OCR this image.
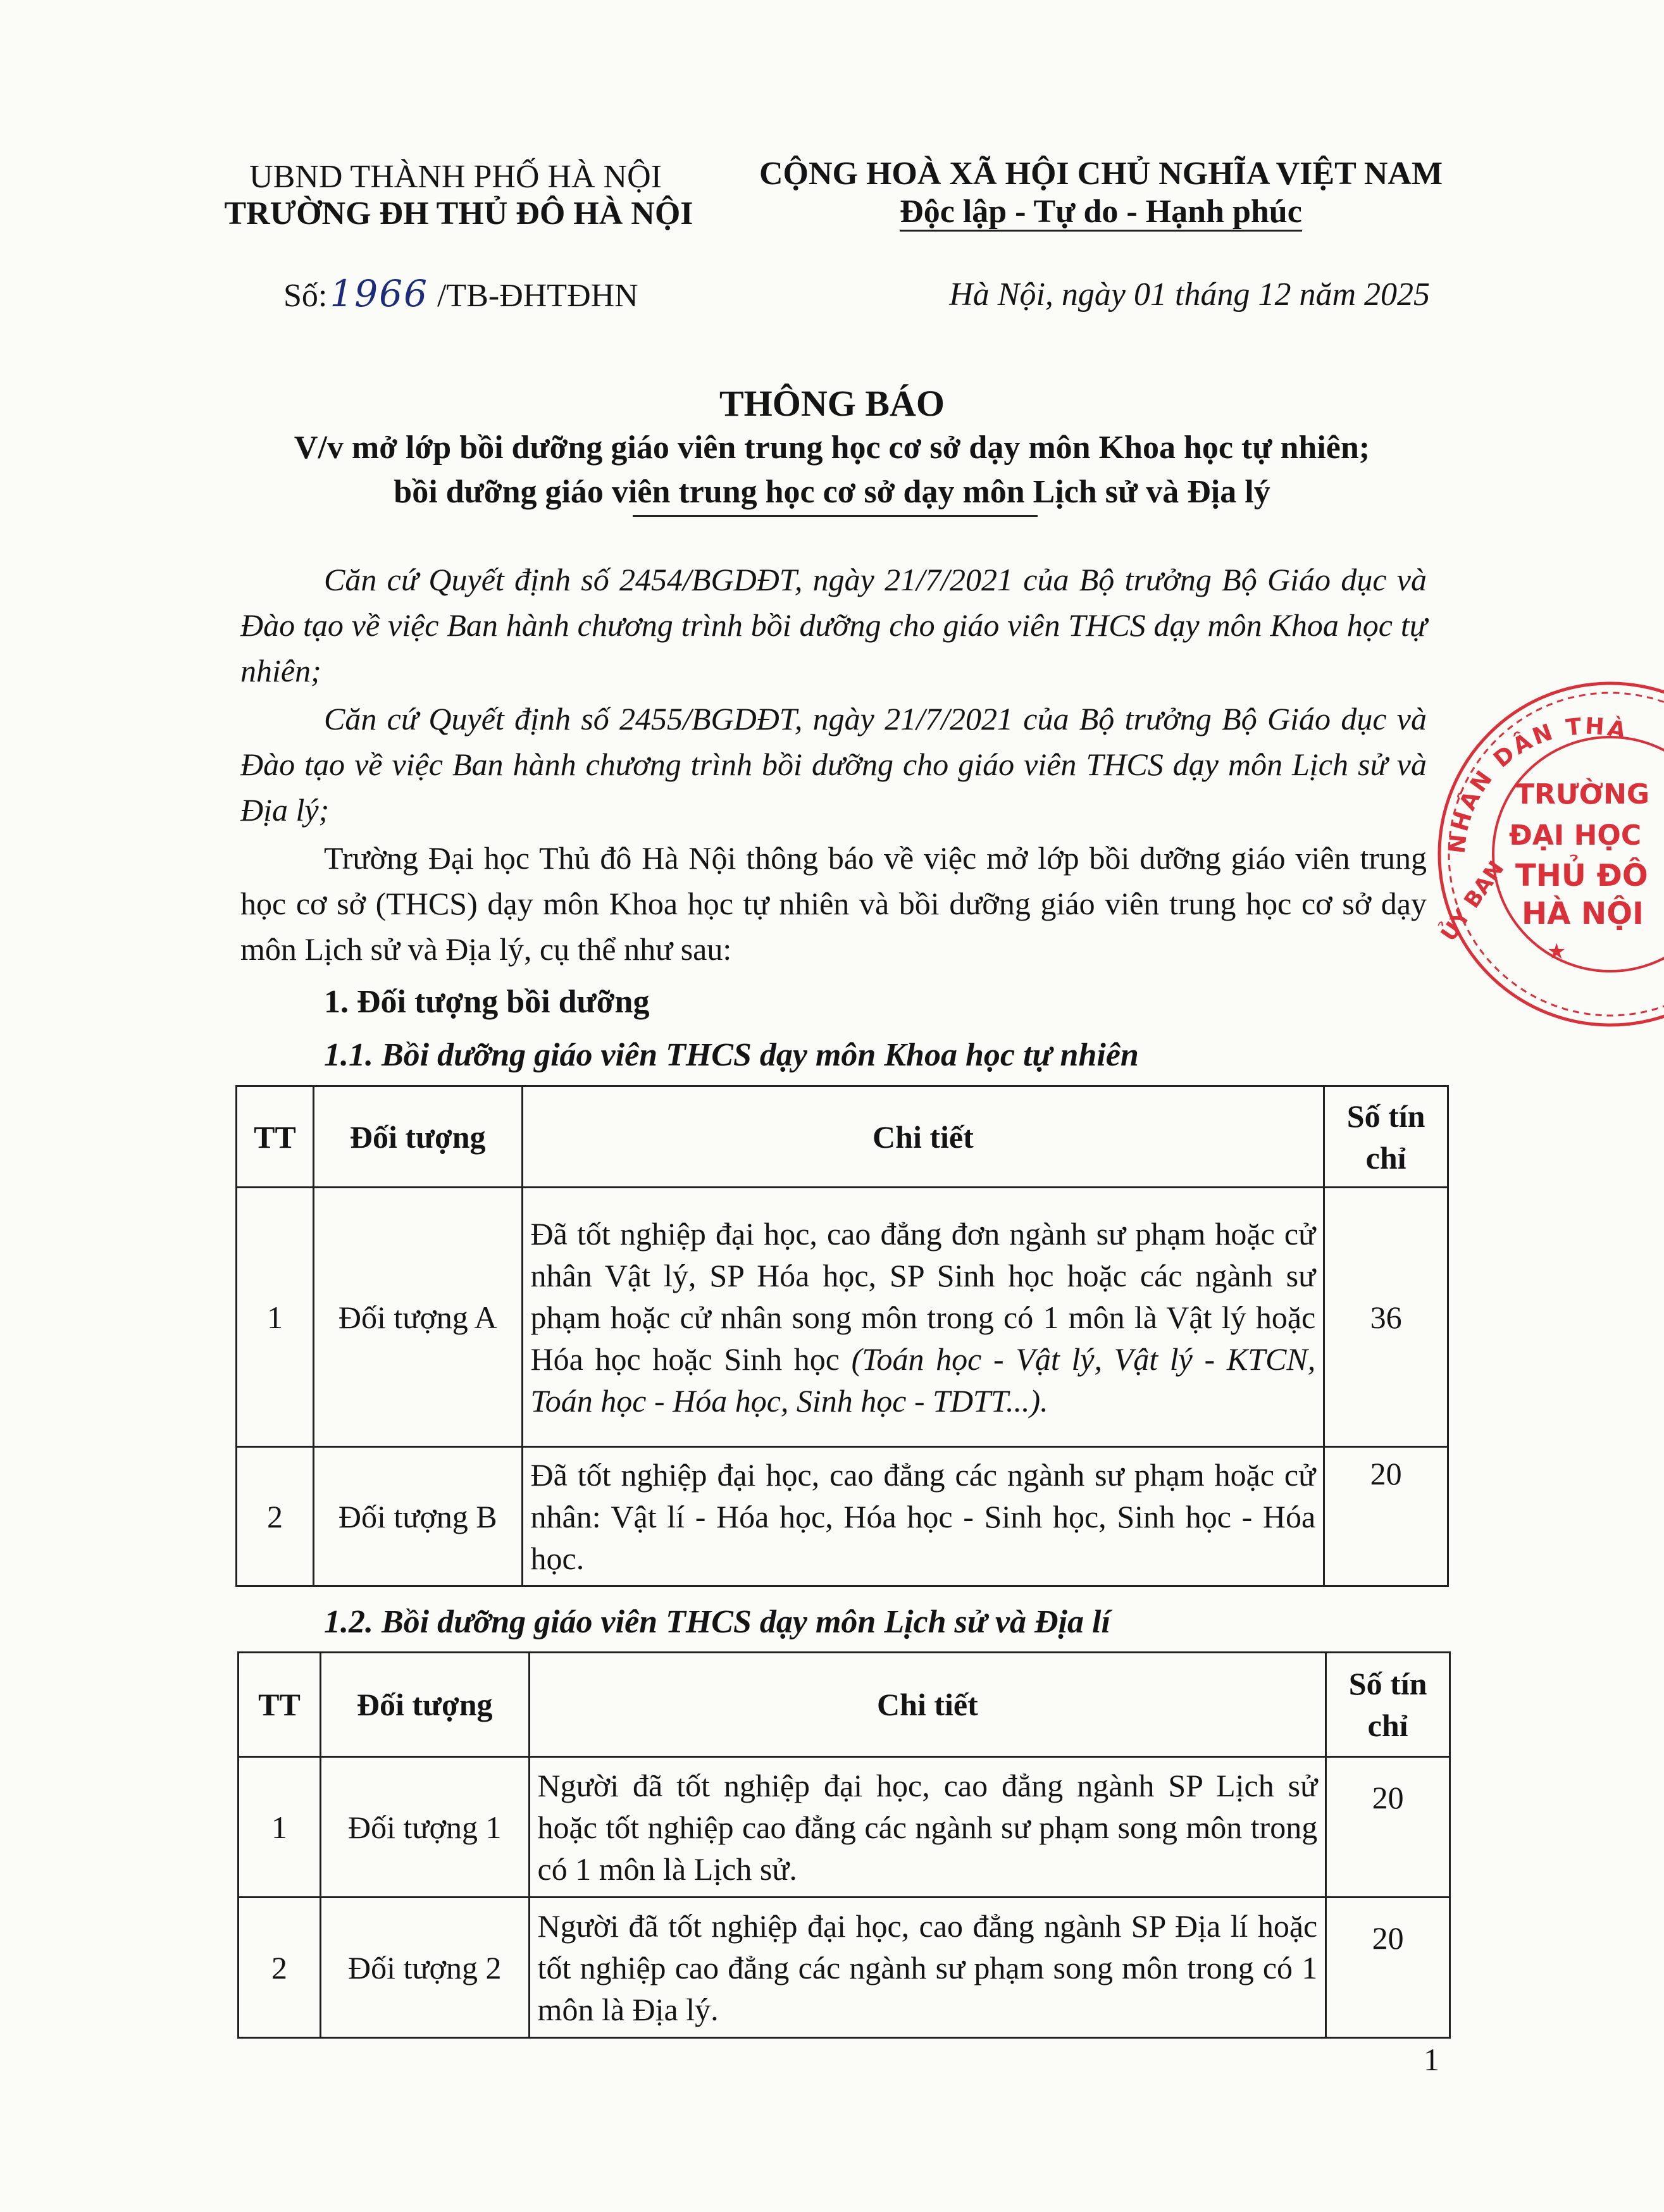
UBND THÀNH PHỐ HÀ NỘI
TRƯỜNG ĐH THỦ ĐÔ HÀ NỘI
CỘNG HOÀ XÃ HỘI CHỦ NGHĨA VIỆT NAM
Độc lập - Tự do - Hạnh phúc
Số:1966 /TB-ĐHTĐHN	Hà Nội, ngày 01 tháng 12 năm 2025
THÔNG BÁO
V/v mở lớp bồi dưỡng giáo viên trung học cơ sở dạy môn Khoa học tự nhiên;
bồi dưỡng giáo viên trung học cơ sở dạy môn Lịch sử và Địa lý
Căn cứ Quyết định số 2454/BGDĐT, ngày 21/7/2021 của Bộ trưởng Bộ Giáo dục và Đào tạo về việc Ban hành chương trình bồi dưỡng cho giáo viên THCS dạy môn Khoa học tự nhiên;
Căn cứ Quyết định số 2455/BGDĐT, ngày 21/7/2021 của Bộ trưởng Bộ Giáo dục và Đào tạo về việc Ban hành chương trình bồi dưỡng cho giáo viên THCS dạy môn Lịch sử và Địa lý;
Trường Đại học Thủ đô Hà Nội thông báo về việc mở lớp bồi dưỡng giáo viên trung học cơ sở (THCS) dạy môn Khoa học tự nhiên và bồi dưỡng giáo viên trung học cơ sở dạy môn Lịch sử và Địa lý, cụ thể như sau:
1. Đối tượng bồi dưỡng
1.1. Bồi dưỡng giáo viên THCS dạy môn Khoa học tự nhiên
TT	Đối tượng	Chi tiết	Số tín chỉ
1	Đối tượng A	Đã tốt nghiệp đại học, cao đẳng đơn ngành sư phạm hoặc cử nhân Vật lý, SP Hóa học, SP Sinh học hoặc các ngành sư phạm hoặc cử nhân song môn trong có 1 môn là Vật lý hoặc Hóa học hoặc Sinh học (Toán học - Vật lý, Vật lý - KTCN, Toán học - Hóa học, Sinh học - TDTT...).	36
2	Đối tượng B	Đã tốt nghiệp đại học, cao đẳng các ngành sư phạm hoặc cử nhân: Vật lí - Hóa học, Hóa học - Sinh học, Sinh học - Hóa học.	20
1.2. Bồi dưỡng giáo viên THCS dạy môn Lịch sử và Địa lí
TT	Đối tượng	Chi tiết	Số tín chỉ
1	Đối tượng 1	Người đã tốt nghiệp đại học, cao đẳng ngành SP Lịch sử hoặc tốt nghiệp cao đẳng các ngành sư phạm song môn trong có 1 môn là Lịch sử.	20
2	Đối tượng 2	Người đã tốt nghiệp đại học, cao đẳng ngành SP Địa lí hoặc tốt nghiệp cao đẳng các ngành sư phạm song môn trong có 1 môn là Địa lý.	20
1
NHÂN DÂN THÀNH PHỐ
TRƯỜNG
ĐẠI HỌC
THỦ ĐÔ
HÀ NỘI
ỦY BAN
★
